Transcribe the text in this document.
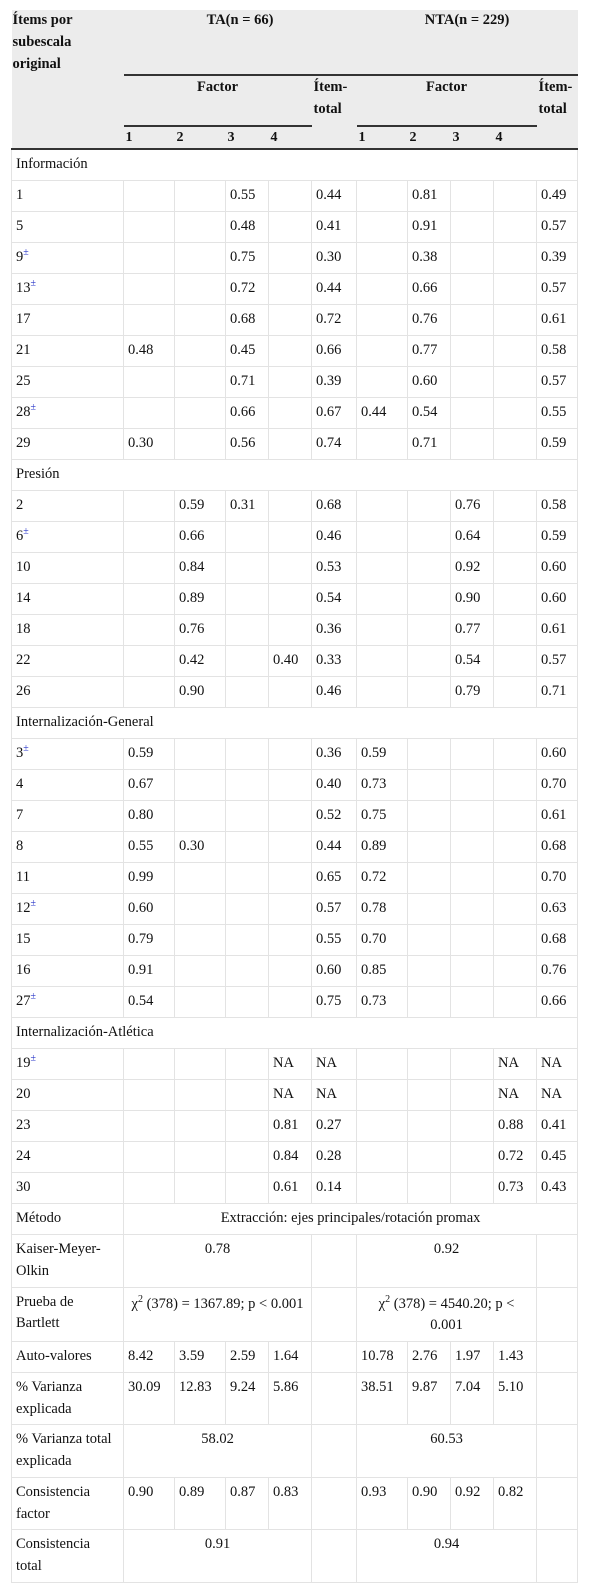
Ítems por subescala original	TA(n = 66)					NTA(n = 229)				
	Factor				Ítem-total	Factor				Ítem-total
	1	2	3	4		1	2	3	4	
Información										
1			0.55		0.44		0.81			0.49
5			0.48		0.41		0.91			0.57
9±			0.75		0.30		0.38			0.39
13±			0.72		0.44		0.66			0.57
17			0.68		0.72		0.76			0.61
21	0.48		0.45		0.66		0.77			0.58
25			0.71		0.39		0.60			0.57
28±			0.66		0.67	0.44	0.54			0.55
29	0.30		0.56		0.74		0.71			0.59
Presión										
2		0.59	0.31		0.68			0.76		0.58
6±		0.66			0.46			0.64		0.59
10		0.84			0.53			0.92		0.60
14		0.89			0.54			0.90		0.60
18		0.76			0.36			0.77		0.61
22		0.42		0.40	0.33			0.54		0.57
26		0.90			0.46			0.79		0.71
Internalización-General										
3±	0.59				0.36	0.59				0.60
4	0.67				0.40	0.73				0.70
7	0.80				0.52	0.75				0.61
8	0.55	0.30			0.44	0.89				0.68
11	0.99				0.65	0.72				0.70
12±	0.60				0.57	0.78				0.63
15	0.79				0.55	0.70				0.68
16	0.91				0.60	0.85				0.76
27±	0.54				0.75	0.73				0.66
Internalización-Atlética										
19±				NA	NA				NA	NA
20				NA	NA				NA	NA
23				0.81	0.27				0.88	0.41
24				0.84	0.28				0.72	0.45
30				0.61	0.14				0.73	0.43
Método	Extracción: ejes principales/rotación promax									
Kaiser-Meyer-Olkin	0.78					0.92				
Prueba de Bartlett	$\chi^2$ (378) = 1367.89; p < 0.001					$\chi^2$ (378) = 4540.20; p < 0.001				
Auto-valores	8.42	3.59	2.59	1.64		10.78	2.76	1.97	1.43	
% Varianza explicada	30.09	12.83	9.24	5.86		38.51	9.87	7.04	5.10	
% Varianza total explicada	58.02					60.53				
Consistencia factor	0.90	0.89	0.87	0.83		0.93	0.90	0.92	0.82	
Consistencia total	0.91					0.94				
